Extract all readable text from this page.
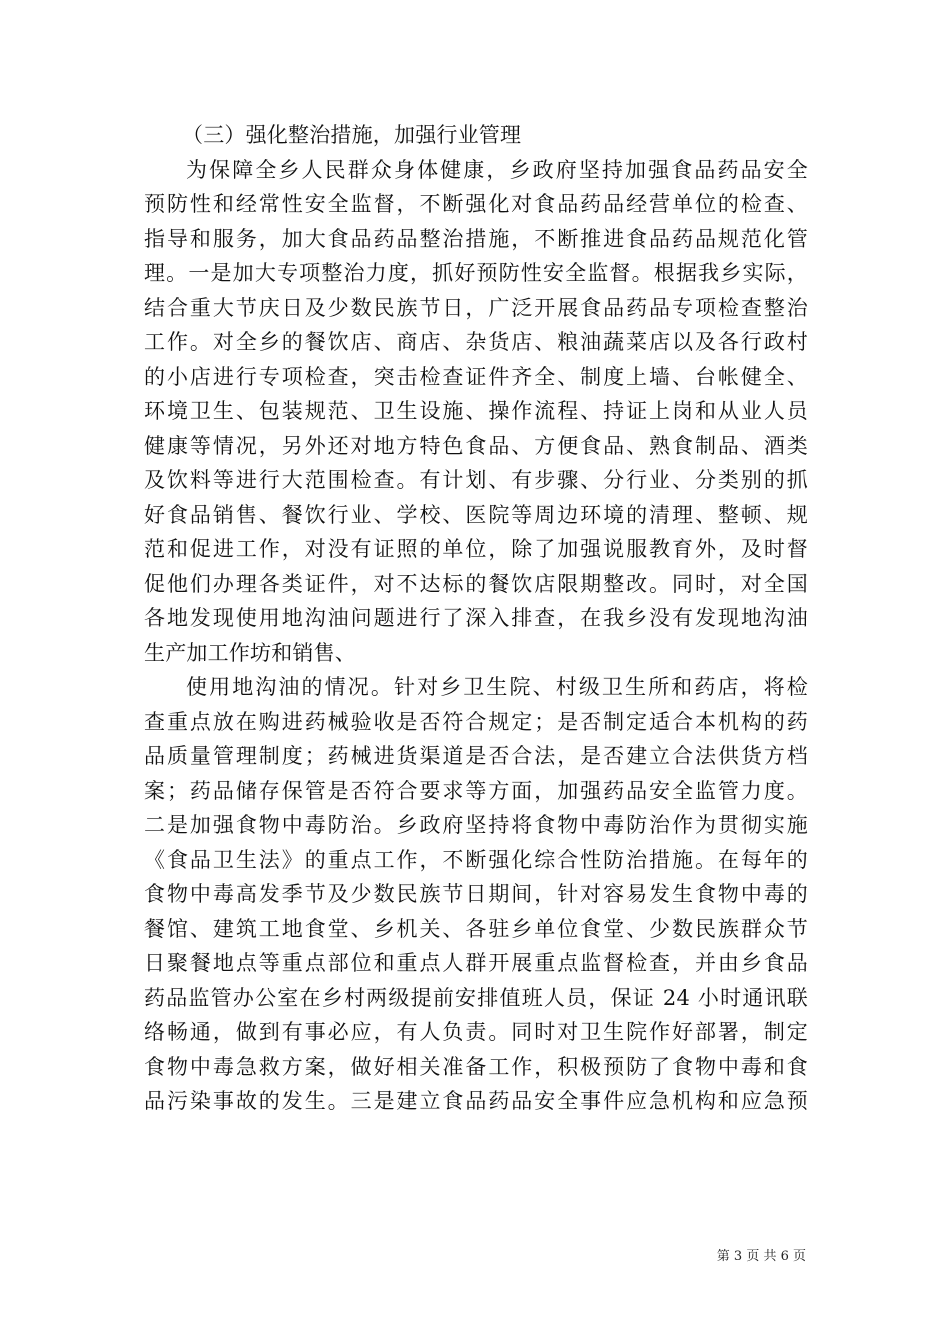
（三）强化整治措施，加强行业管理
为保障全乡人民群众身体健康，乡政府坚持加强食品药品安全
预防性和经常性安全监督，不断强化对食品药品经营单位的检查、
指导和服务，加大食品药品整治措施，不断推进食品药品规范化管
理。一是加大专项整治力度，抓好预防性安全监督。根据我乡实际，
结合重大节庆日及少数民族节日，广泛开展食品药品专项检查整治
工作。对全乡的餐饮店、商店、杂货店、粮油蔬菜店以及各行政村
的小店进行专项检查，突击检查证件齐全、制度上墙、台帐健全、
环境卫生、包装规范、卫生设施、操作流程、持证上岗和从业人员
健康等情况，另外还对地方特色食品、方便食品、熟食制品、酒类
及饮料等进行大范围检查。有计划、有步骤、分行业、分类别的抓
好食品销售、餐饮行业、学校、医院等周边环境的清理、整顿、规
范和促进工作，对没有证照的单位，除了加强说服教育外，及时督
促他们办理各类证件，对不达标的餐饮店限期整改。同时，对全国
各地发现使用地沟油问题进行了深入排查，在我乡没有发现地沟油
生产加工作坊和销售、
使用地沟油的情况。针对乡卫生院、村级卫生所和药店，将检
查重点放在购进药械验收是否符合规定；是否制定适合本机构的药
品质量管理制度；药械进货渠道是否合法，是否建立合法供货方档
案；药品储存保管是否符合要求等方面，加强药品安全监管力度。
二是加强食物中毒防治。乡政府坚持将食物中毒防治作为贯彻实施
《食品卫生法》的重点工作，不断强化综合性防治措施。在每年的
食物中毒高发季节及少数民族节日期间，针对容易发生食物中毒的
餐馆、建筑工地食堂、乡机关、各驻乡单位食堂、少数民族群众节
日聚餐地点等重点部位和重点人群开展重点监督检查，并由乡食品
药品监管办公室在乡村两级提前安排值班人员，保证 24 小时通讯联
络畅通，做到有事必应，有人负责。同时对卫生院作好部署，制定
食物中毒急救方案，做好相关准备工作，积极预防了食物中毒和食
品污染事故的发生。三是建立食品药品安全事件应急机构和应急预
第 3 页 共 6 页
